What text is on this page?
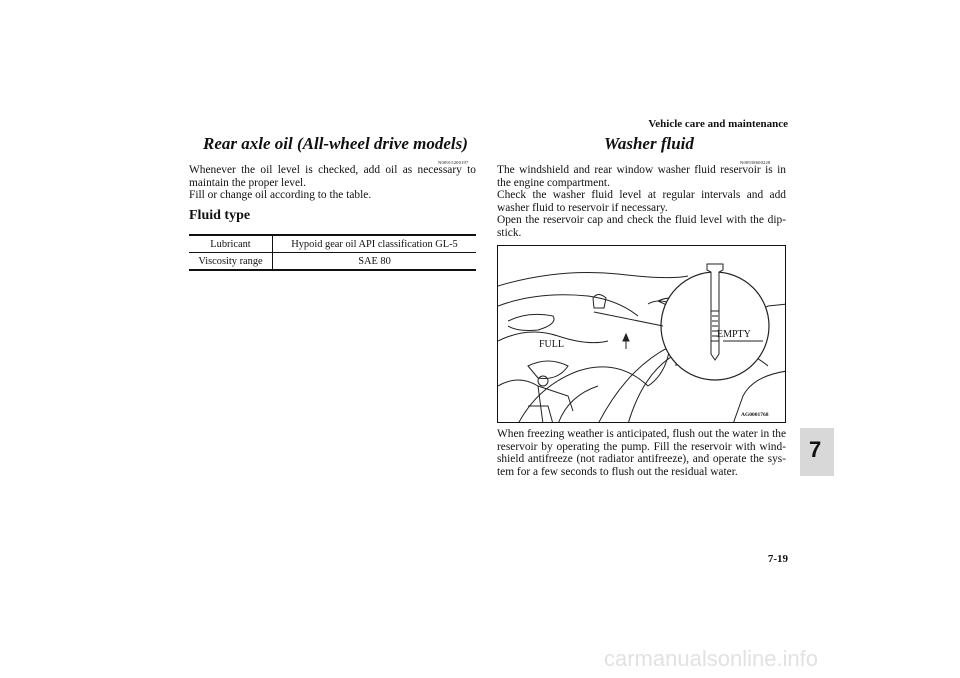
Vehicle care and maintenance
Rear axle oil (All-wheel drive models)
N00915200197

Whenever the oil level is checked, add oil as necessary to maintain the proper level.

Fill or change oil according to the table.

Fluid type
Lubricant	Hypoid gear oil API classification GL-5
Viscosity range	SAE 80
Washer fluid
N00938600228

The windshield and rear window washer fluid reservoir is in the engine compartment.

Check the washer fluid level at regular intervals and add washer fluid to reservoir if necessary.

Open the reservoir cap and check the fluid level with the dip-stick.

FULL
EMPTY
AG0001768
When freezing weather is anticipated, flush out the water in the reservoir by operating the pump. Fill the reservoir with wind-shield antifreeze (not radiator antifreeze), and operate the sys-tem for a few seconds to flush out the residual water.
7
7-19
carmanualsonline.info
